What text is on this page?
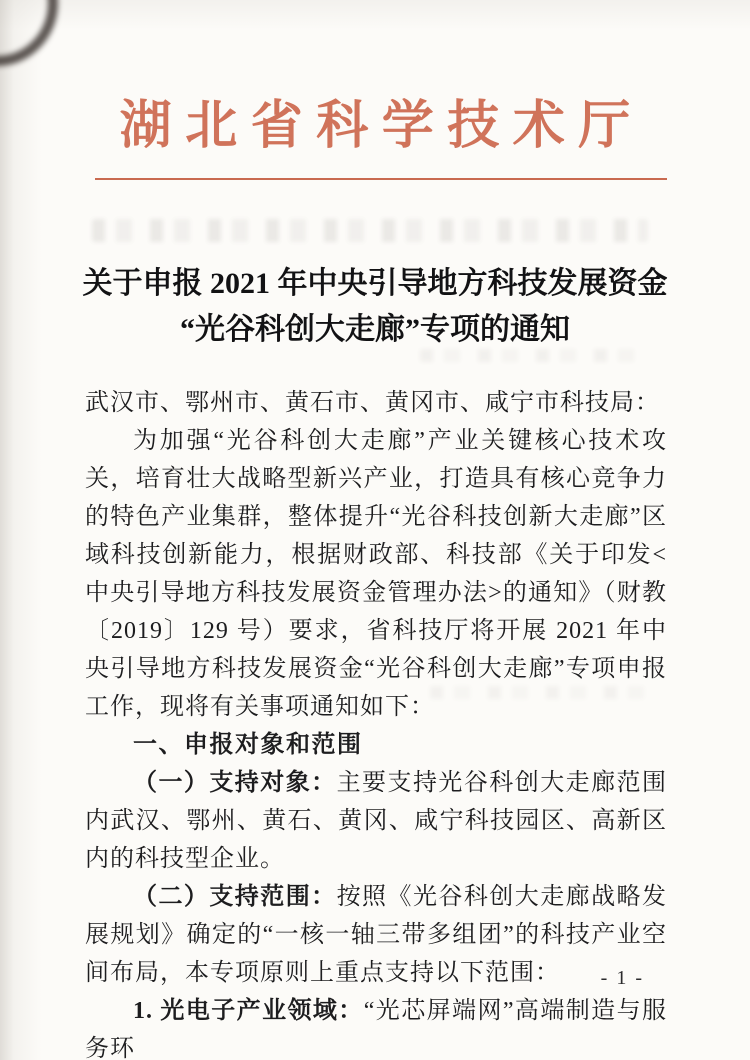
湖北省科学技术厅
关于申报 2021 年中央引导地方科技发展资金
“光谷科创大走廊”专项的通知

武汉市、鄂州市、黄石市、黄冈市、咸宁市科技局：

为加强“光谷科创大走廊”产业关键核心技术攻关，培育壮大战略型新兴产业，打造具有核心竞争力的特色产业集群，整体提升“光谷科技创新大走廊”区域科技创新能力，根据财政部、科技部《关于印发<中央引导地方科技发展资金管理办法>的通知》（财教〔2019〕129 号）要求，省科技厅将开展 2021 年中央引导地方科技发展资金“光谷科创大走廊”专项申报工作，现将有关事项通知如下：

一、申报对象和范围

（一）支持对象：主要支持光谷科创大走廊范围内武汉、鄂州、黄石、黄冈、咸宁科技园区、高新区内的科技型企业。

（二）支持范围：按照《光谷科创大走廊战略发展规划》确定的“一核一轴三带多组团”的科技产业空间布局，本专项原则上重点支持以下范围：

1. 光电子产业领域：“光芯屏端网”高端制造与服务环

- 1 -
